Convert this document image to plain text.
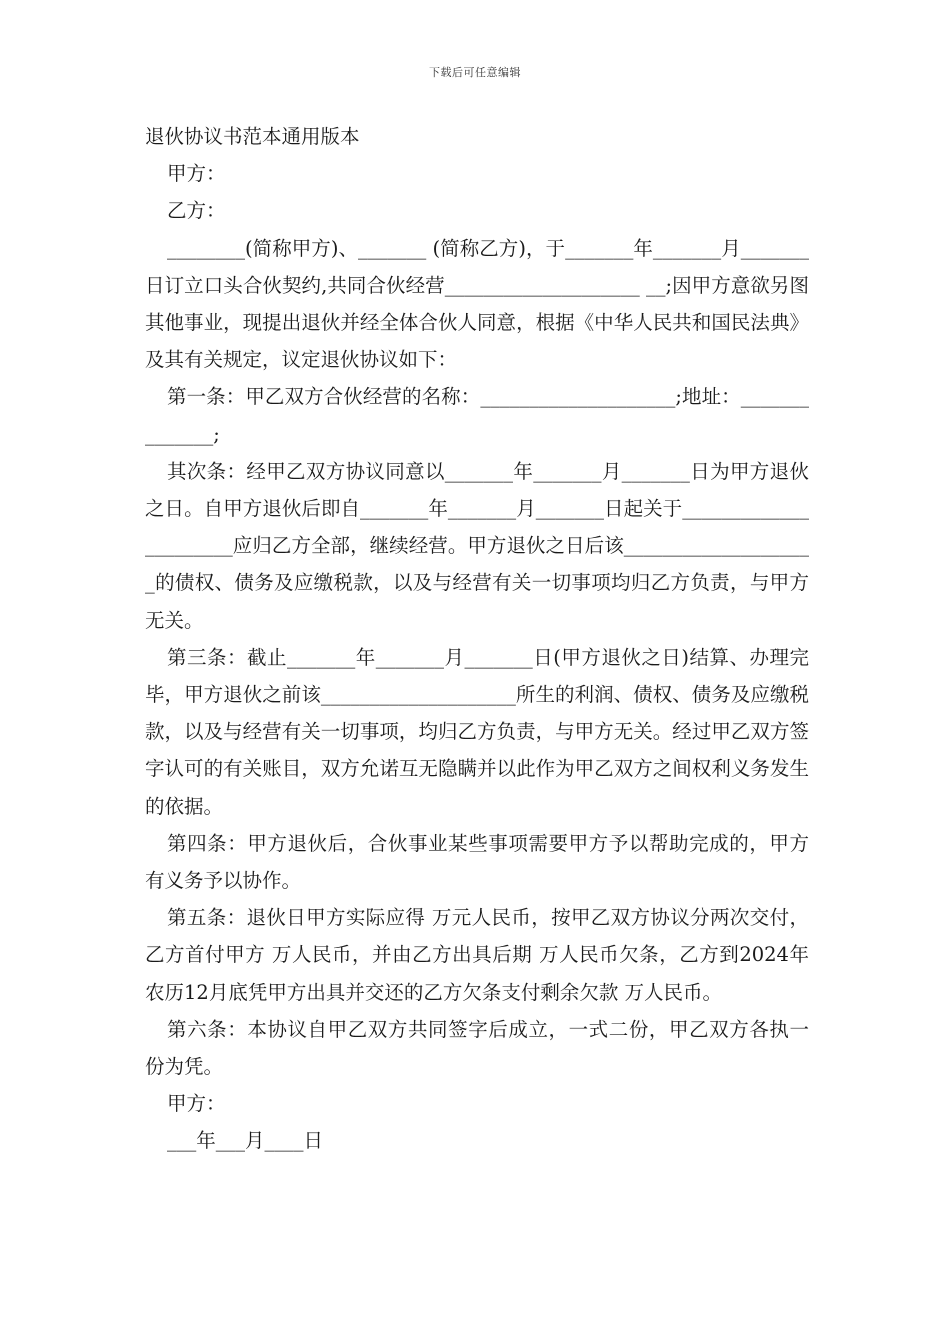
下载后可任意编辑

退伙协议书范本通用版本

甲方：

乙方：

________(简称甲方)、_______ (简称乙方)，于_______年_______月_______日订立口头合伙契约,共同合伙经营____________________ __;因甲方意欲另图其他事业，现提出退伙并经全体合伙人同意，根据《中华人民共和国民法典》及其有关规定，议定退伙协议如下：

第一条：甲乙双方合伙经营的名称：____________________;地址：______________;

其次条：经甲乙双方协议同意以_______年_______月_______日为甲方退伙之日。自甲方退伙后即自_______年_______月_______日起关于______________________应归乙方全部，继续经营。甲方退伙之日后该____________________的债权、债务及应缴税款，以及与经营有关一切事项均归乙方负责，与甲方无关。

第三条：截止_______年_______月_______日(甲方退伙之日)结算、办理完毕，甲方退伙之前该____________________所生的利润、债权、债务及应缴税款，以及与经营有关一切事项，均归乙方负责，与甲方无关。经过甲乙双方签字认可的有关账目，双方允诺互无隐瞒并以此作为甲乙双方之间权利义务发生的依据。

第四条：甲方退伙后，合伙事业某些事项需要甲方予以帮助完成的，甲方有义务予以协作。

第五条：退伙日甲方实际应得 万元人民币，按甲乙双方协议分两次交付，乙方首付甲方 万人民币，并由乙方出具后期 万人民币欠条，乙方到2024年农历12月底凭甲方出具并交还的乙方欠条支付剩余欠款 万人民币。

第六条：本协议自甲乙双方共同签字后成立，一式二份，甲乙双方各执一份为凭。

甲方：

___年___月____日
